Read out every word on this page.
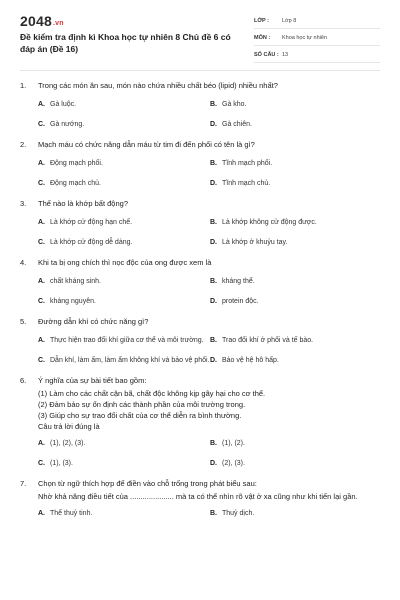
2048.vn
Đề kiểm tra định kì Khoa học tự nhiên 8 Chủ đề 6 có đáp án (Đề 16)
LỚP :	Lớp 8
MÔN :	Khoa học tự nhiên
SỐ CÂU : 13
1.	Trong các món ăn sau, món nào chứa nhiều chất béo (lipid) nhiều nhất?
A. Gà luộc.	B. Gà kho.
C. Gà nướng.	D. Gà chiên.
2.	Mạch máu có chức năng dẫn máu từ tim đi đến phổi có tên là gì?
A. Động mạch phổi.	B. Tĩnh mạch phổi.
C. Động mạch chủ.	D. Tĩnh mạch chủ.
3.	Thế nào là khớp bất động?
A. Là khớp cử động hạn chế.	B. Là khớp không cử động được.
C. Là khớp cử động dễ dàng.	D. Là khớp ở khuỷu tay.
4.	Khi ta bị ong chích thì nọc độc của ong được xem là
A. chất kháng sinh.	B. kháng thể.
C. kháng nguyên.	D. protein độc.
5.	Đường dẫn khí có chức năng gì?
A. Thực hiện trao đổi khí giữa cơ thể và môi trường. B. Trao đổi khí ở phổi và tế bào.
C. Dẫn khí, làm ấm, làm ẩm không khí và bảo vệ phổi. D. Bảo vệ hệ hô hấp.
6.	Ý nghĩa của sự bài tiết bao gồm:
(1) Làm cho các chất cặn bã, chất độc không kịp gây hại cho cơ thể.
(2) Đảm bảo sự ổn định các thành phần của môi trường trong.
(3) Giúp cho sự trao đổi chất của cơ thể diễn ra bình thường.
Câu trả lời đúng là
A. (1), (2), (3).	B. (1), (2).
C. (1), (3).	D. (2), (3).
7.	Chọn từ ngữ thích hợp để điền vào chỗ trống trong phát biểu sau:
Nhờ khả năng điều tiết của ..................... mà ta có thể nhìn rõ vật ở xa cũng như khi tiến lại gần.
A. Thể thuỷ tinh.	B. Thuỷ dịch.
